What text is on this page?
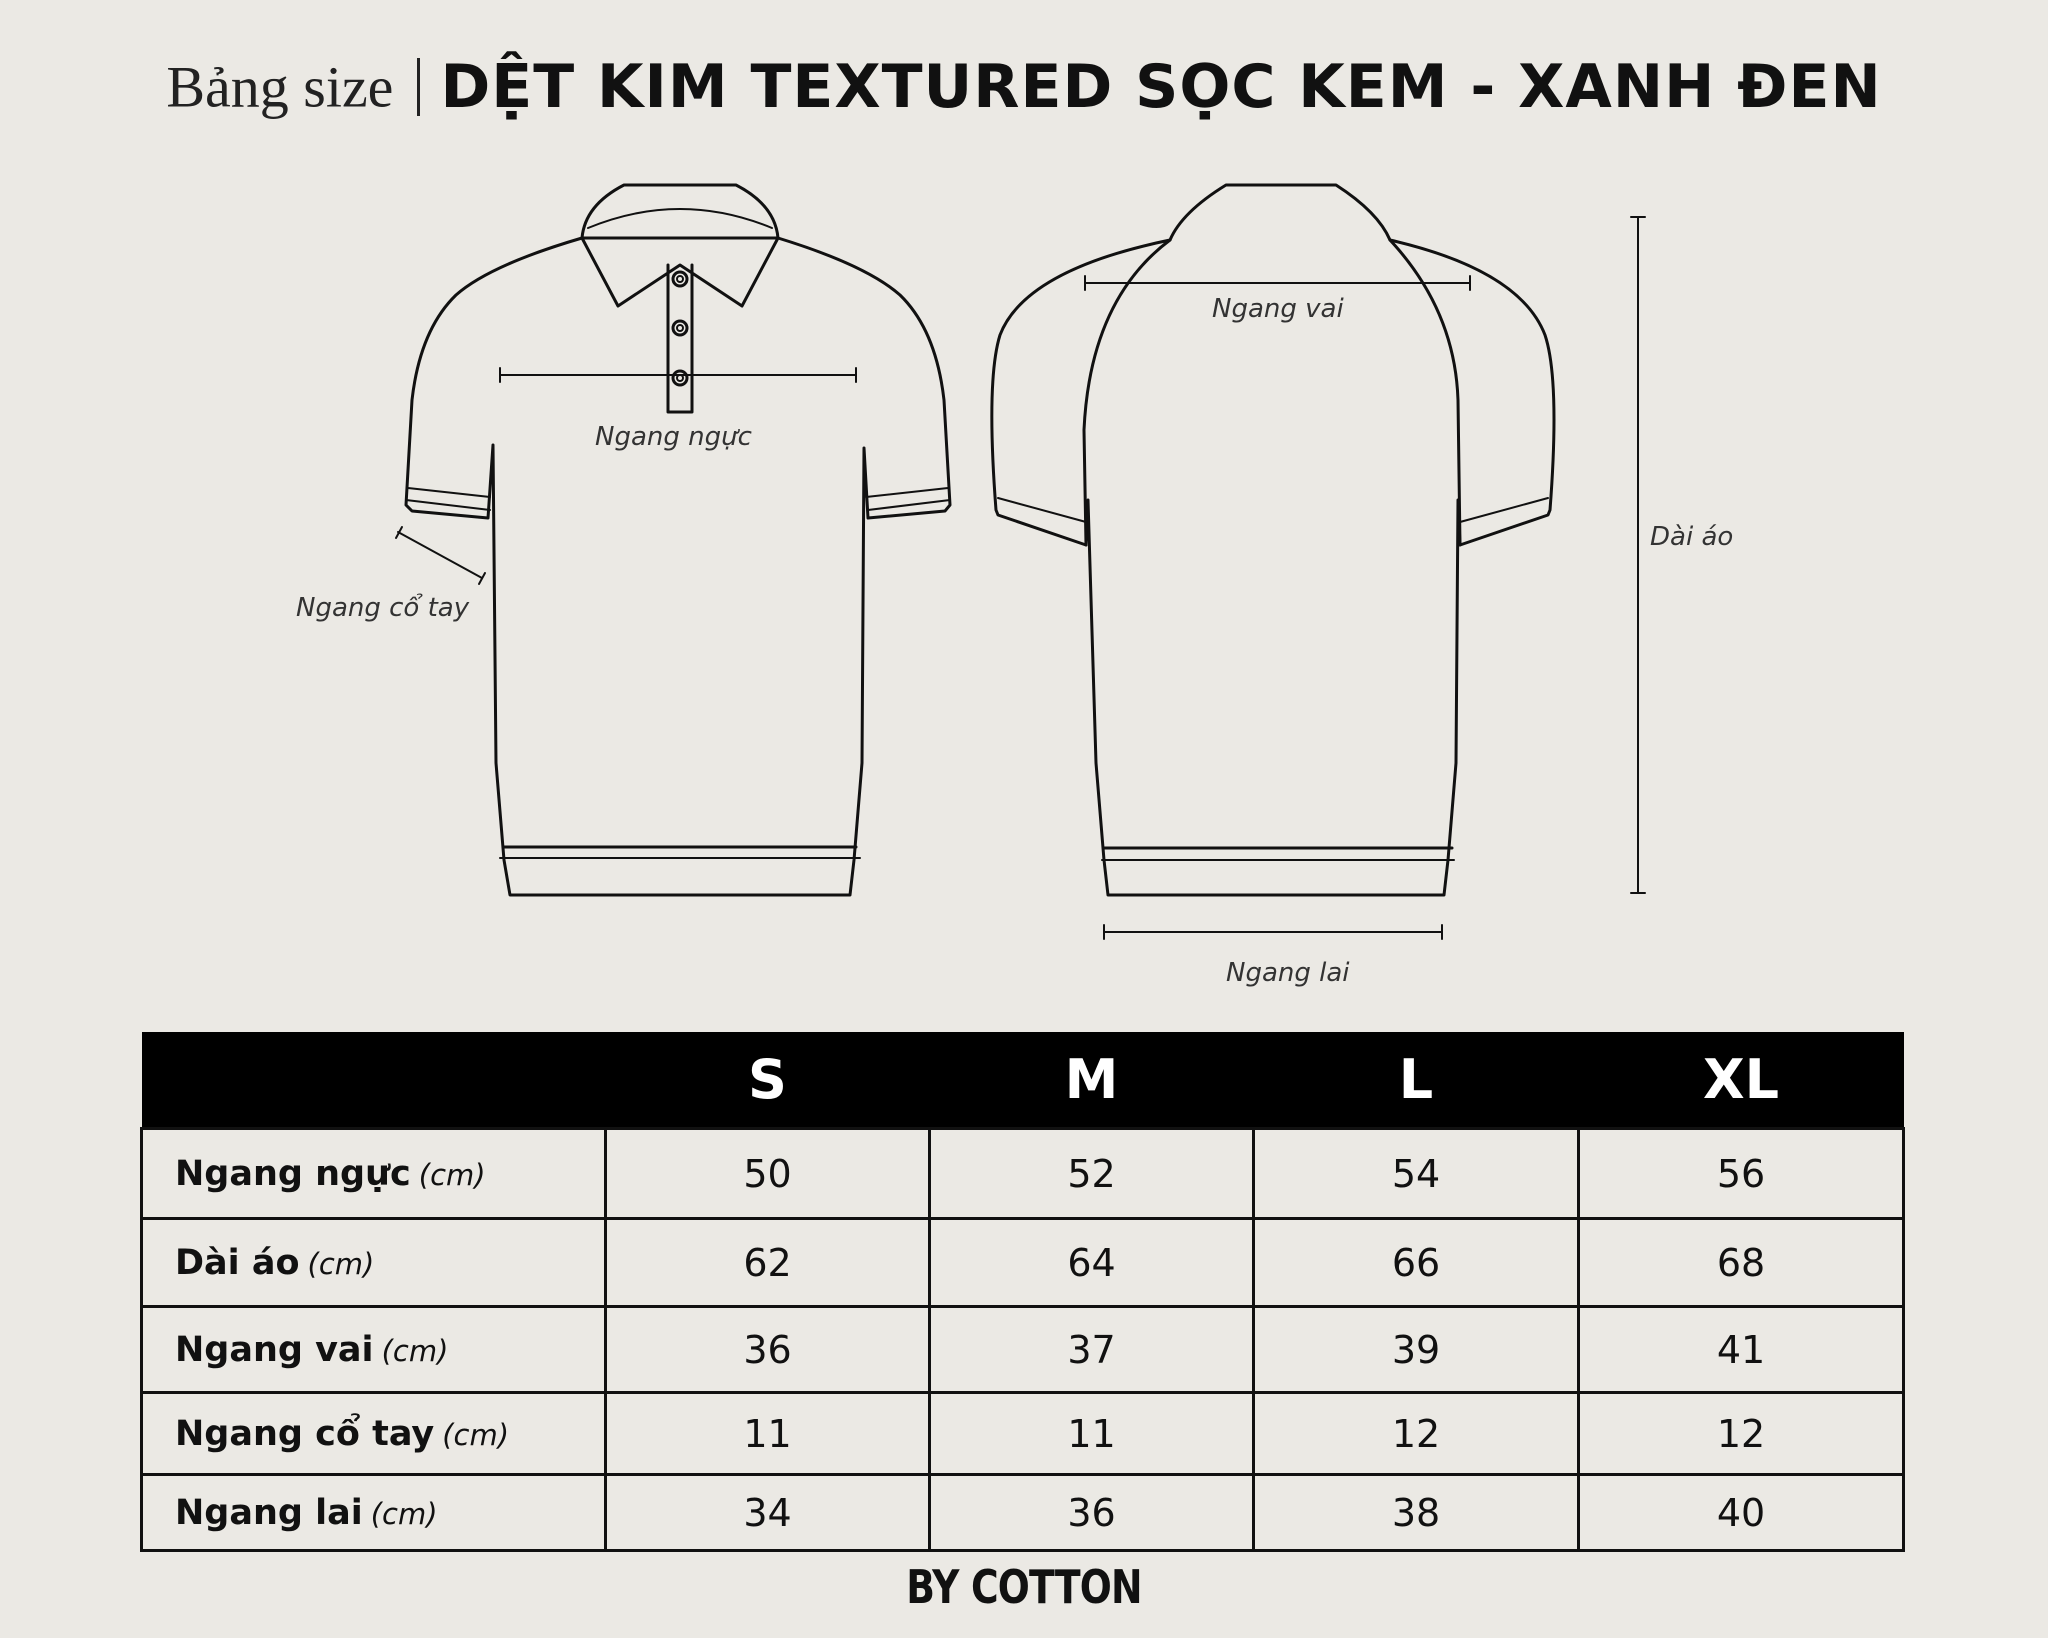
Bảng size DỆT KIM TEXTURED SỌC KEM - XANH ĐEN
Ngang ngực
Ngang vai
Dài áo
Ngang cổ tay
Ngang lai
	S	M	L	XL
Ngang ngực (cm)	50	52	54	56
Dài áo (cm)	62	64	66	68
Ngang vai (cm)	36	37	39	41
Ngang cổ tay (cm)	11	11	12	12
Ngang lai (cm)	34	36	38	40
BY COTTON
